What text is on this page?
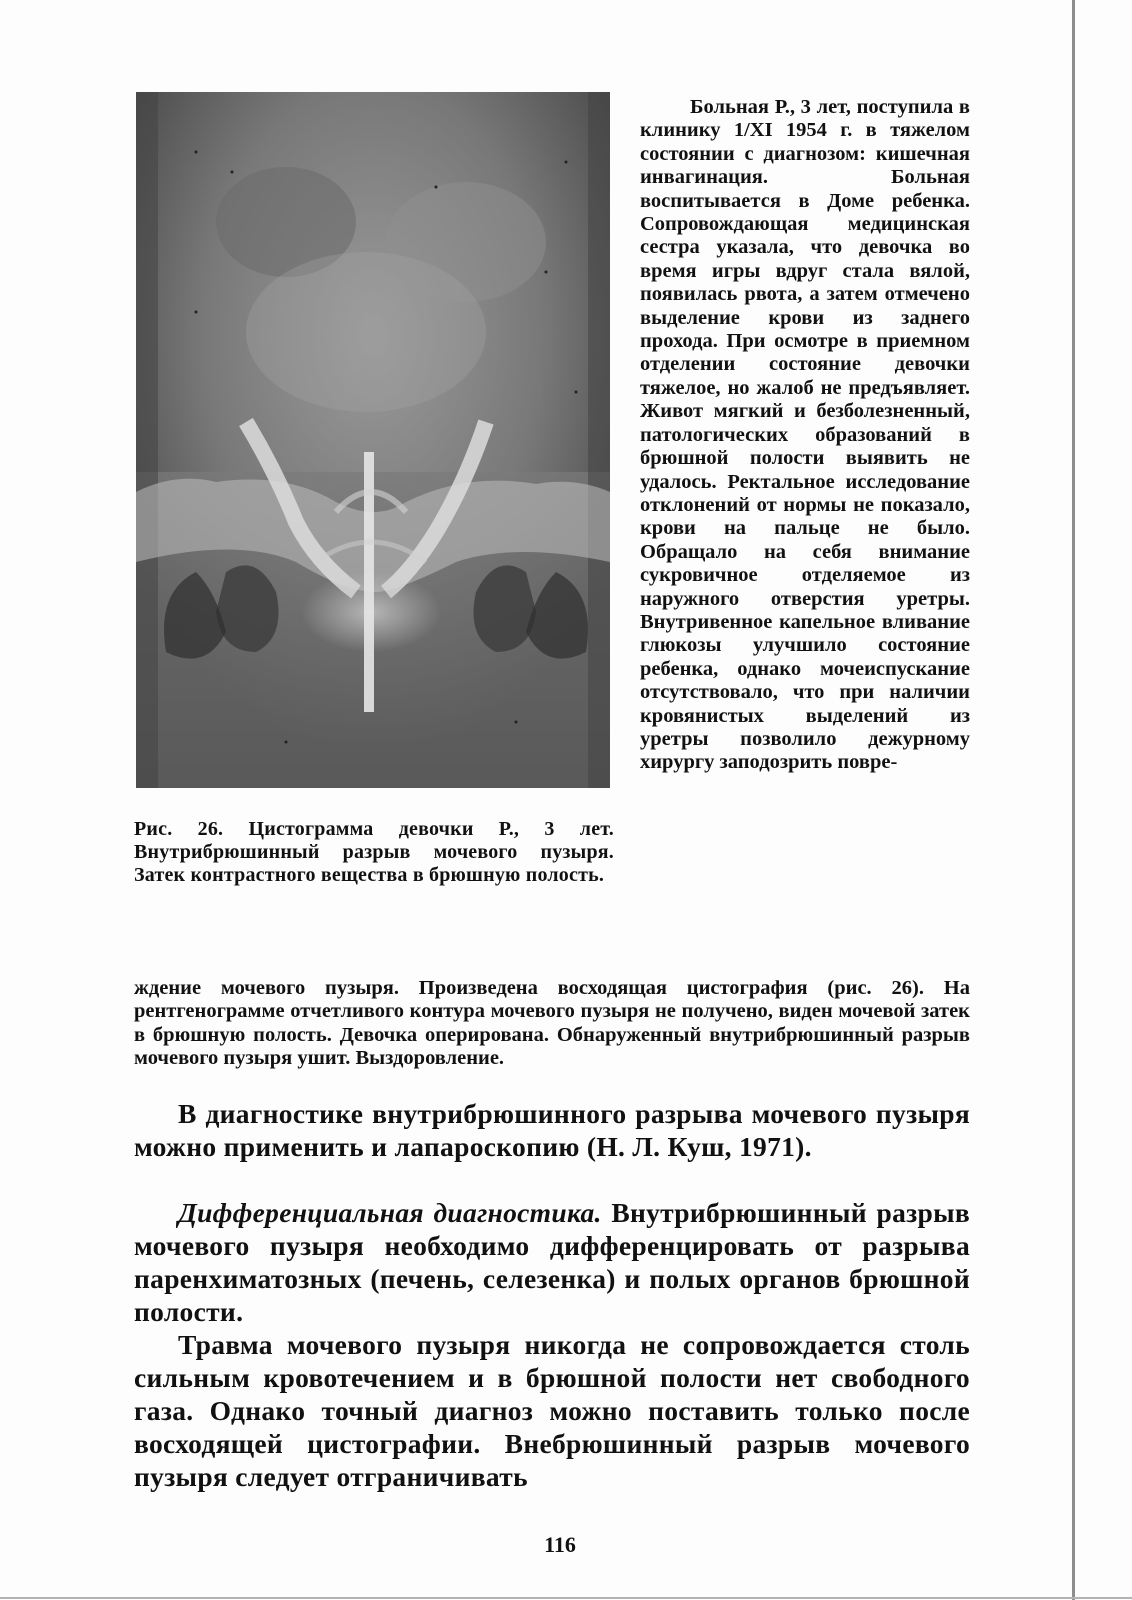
Рис. 26. Цистограмма девочки Р., 3 лет. Внутрибрюшинный разрыв мочевого пузыря. Затек контрастного вещества в брюшную полость.

Больная Р., 3 лет, поступила в клинику 1/XI 1954 г. в тяжелом состоянии с диагнозом: кишечная инвагинация. Больная воспитывается в Доме ребенка. Сопровождающая медицинская сестра указала, что девочка во время игры вдруг стала вялой, появилась рвота, а затем отмечено выделение крови из заднего прохода. При осмотре в приемном отделении состояние девочки тяжелое, но жалоб не предъявляет. Живот мягкий и безболезненный, патологических образований в брюшной полости выявить не удалось. Ректальное исследование отклонений от нормы не показало, крови на пальце не было. Обращало на себя внимание сукровичное отделяемое из наружного отверстия уретры. Внутривенное капельное вливание глюкозы улучшило состояние ребенка, однако мочеиспускание отсутствовало, что при наличии кровянистых выделений из уретры позволило дежурному хирургу заподозрить повре-

ждение мочевого пузыря. Произведена восходящая цистография (рис. 26). На рентгенограмме отчетливого контура мочевого пузыря не получено, виден мочевой затек в брюшную полость. Девочка оперирована. Обнаруженный внутрибрюшинный разрыв мочевого пузыря ушит. Выздоровление.

В диагностике внутрибрюшинного разрыва мочевого пузыря можно применить и лапароскопию (Н. Л. Куш, 1971).

Дифференциальная диагностика. Внутрибрюшинный разрыв мочевого пузыря необходимо дифференцировать от разрыва паренхиматозных (печень, селезенка) и полых органов брюшной полости.

Травма мочевого пузыря никогда не сопровождается столь сильным кровотечением и в брюшной полости нет свободного газа. Однако точный диагноз можно поставить только после восходящей цистографии. Внебрюшинный разрыв мочевого пузыря следует отграничивать

116
